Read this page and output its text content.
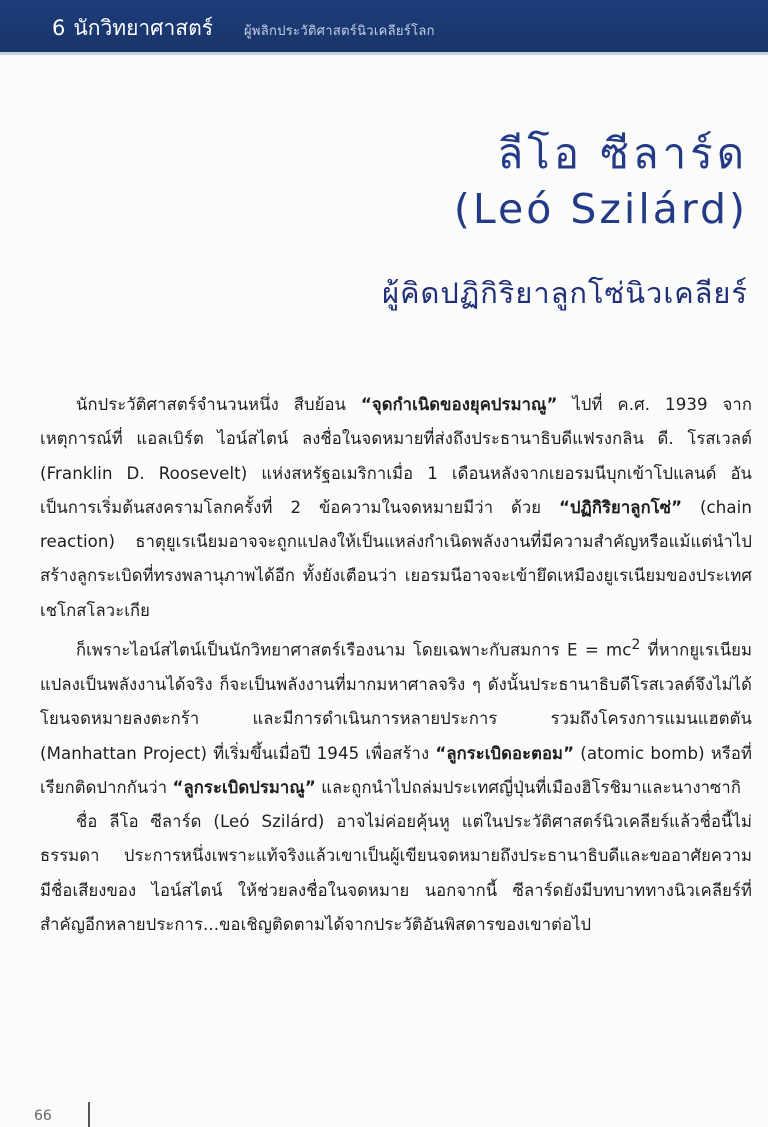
6 นักวิทยาศาสตร์ ผู้พลิกประวัติศาสตร์นิวเคลียร์โลก
ลีโอ ซีลาร์ด
(Leó Szilárd)
ผู้คิดปฏิกิริยาลูกโซ่นิวเคลียร์

นักประวัติศาสตร์จำนวนหนึ่ง สืบย้อน “จุดกำเนิดของยุคปรมาณู” ไปที่ ค.ศ. 1939 จากเหตุการณ์ที่ แอลเบิร์ต ไอน์สไตน์ ลงชื่อในจดหมายที่ส่งถึงประธานาธิบดีแฟรงกลิน ดี. โรสเวลต์ (Franklin D. Roosevelt) แห่งสหรัฐอเมริกาเมื่อ 1 เดือนหลังจากเยอรมนีบุกเข้าโปแลนด์ อันเป็นการเริ่มต้นสงครามโลกครั้งที่ 2 ข้อความในจดหมายมีว่า ด้วย “ปฏิกิริยาลูกโซ่” (chain reaction) ธาตุยูเรเนียมอาจจะถูกแปลงให้เป็นแหล่งกำเนิดพลังงานที่มีความสำคัญหรือแม้แต่นำไปสร้างลูกระเบิดที่ทรงพลานุภาพได้อีก ทั้งยังเตือนว่า เยอรมนีอาจจะเข้ายึดเหมืองยูเรเนียมของประเทศเชโกสโลวะเกีย

ก็เพราะไอน์สไตน์เป็นนักวิทยาศาสตร์เรืองนาม โดยเฉพาะกับสมการ $E = mc^2$ ที่หากยูเรเนียมแปลงเป็นพลังงานได้จริง ก็จะเป็นพลังงานที่มากมหาศาลจริง ๆ ดังนั้นประธานาธิบดีโรสเวลต์จึงไม่ได้โยนจดหมายลงตะกร้า และมีการดำเนินการหลายประการ รวมถึงโครงการแมนแฮตตัน (Manhattan Project) ที่เริ่มขึ้นเมื่อปี 1945 เพื่อสร้าง “ลูกระเบิดอะตอม” (atomic bomb) หรือที่เรียกติดปากกันว่า “ลูกระเบิดปรมาณู” และถูกนำไปถล่มประเทศญี่ปุ่นที่เมืองฮิโรชิมาและนางาซากิ

ชื่อ ลีโอ ซีลาร์ด (Leó Szilárd) อาจไม่ค่อยคุ้นหู แต่ในประวัติศาสตร์นิวเคลียร์แล้วชื่อนี้ไม่ธรรมดา ประการหนึ่งเพราะแท้จริงแล้วเขาเป็นผู้เขียนจดหมายถึงประธานาธิบดีและขออาศัยความมีชื่อเสียงของ ไอน์สไตน์ ให้ช่วยลงชื่อในจดหมาย นอกจากนี้ ซีลาร์ดยังมีบทบาททางนิวเคลียร์ที่สำคัญอีกหลายประการ...ขอเชิญติดตามได้จากประวัติอันพิสดารของเขาต่อไป

66
